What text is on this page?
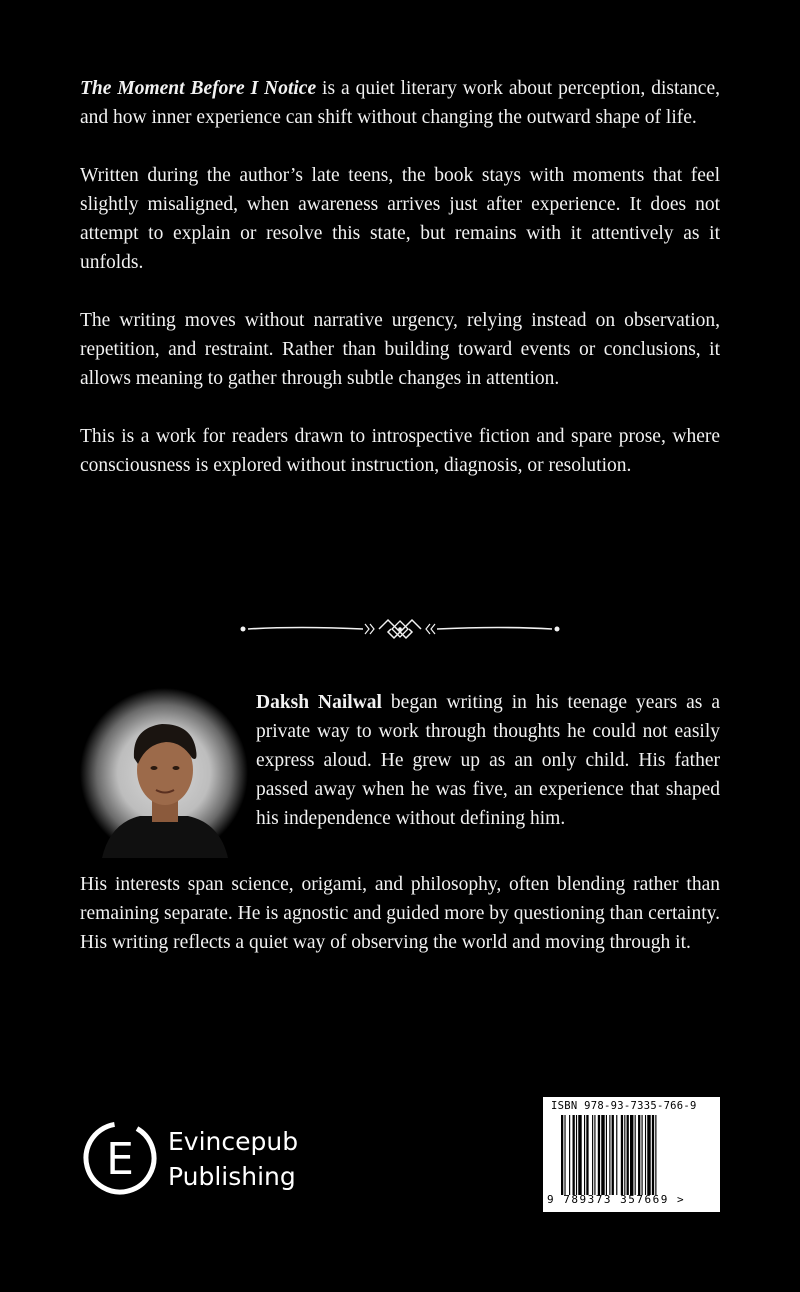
The Moment Before I Notice is a quiet literary work about perception, distance, and how inner experience can shift without changing the outward shape of life.

Written during the author’s late teens, the book stays with moments that feel slightly misaligned, when awareness arrives just after experience. It does not attempt to explain or resolve this state, but remains with it attentively as it unfolds.

The writing moves without narrative urgency, relying instead on observation, repetition, and restraint. Rather than building toward events or conclusions, it allows meaning to gather through subtle changes in attention.

This is a work for readers drawn to introspective fiction and spare prose, where consciousness is explored without instruction, diagnosis, or resolution.

Daksh Nailwal began writing in his teenage years as a private way to work through thoughts he could not easily express aloud. He grew up as an only child. His father passed away when he was five, an experience that shaped his independence without defining him.

His interests span science, origami, and philosophy, often blending rather than remaining separate. He is agnostic and guided more by questioning than certainty. His writing reflects a quiet way of observing the world and moving through it.

E Evincepub
Publishing
ISBN 978-93-7335-766-9
9 789373 357669 >
